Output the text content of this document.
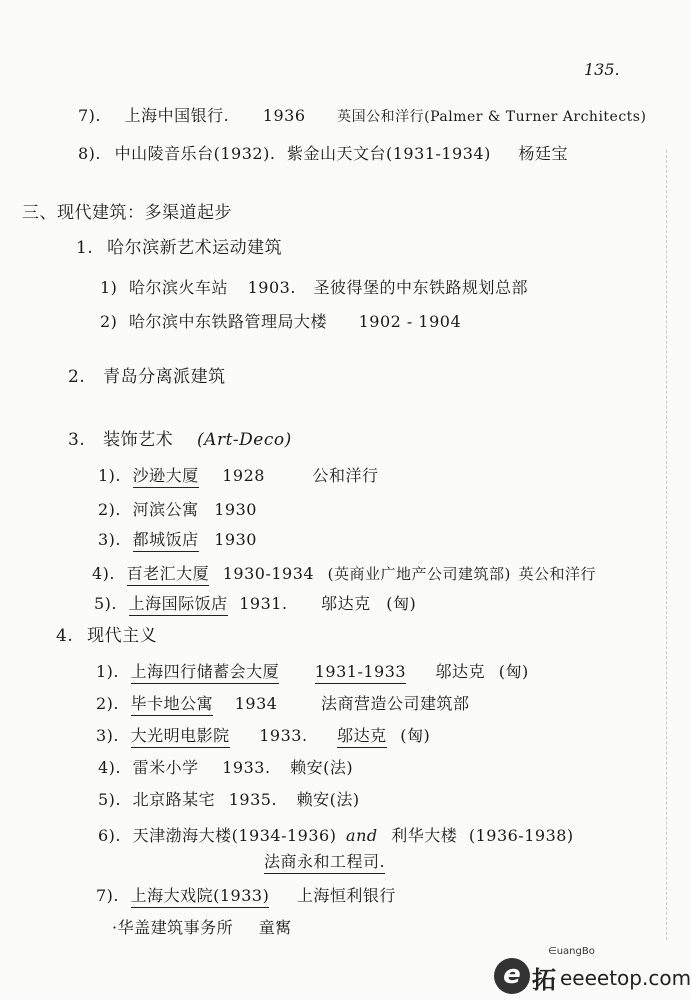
135.
7). 上海中国银行. 1936 英国公和洋行(Palmer & Turner Architects)
8). 中山陵音乐台(1932). 紫金山天文台(1931-1934) 杨廷宝
三、现代建筑：多渠道起步
1. 哈尔滨新艺术运动建筑
1) 哈尔滨火车站 1903. 圣彼得堡的中东铁路规划总部
2) 哈尔滨中东铁路管理局大楼 1902 - 1904
2. 青岛分离派建筑
3. 装饰艺术 (Art-Deco)
1). 沙逊大厦 1928	公和洋行
2). 河滨公寓 1930
3). 都城饭店 1930
4). 百老汇大厦 1930-1934 (英商业广地产公司建筑部) 英公和洋行
5). 上海国际饭店 1931. 邬达克 (匈)
4. 现代主义
1). 上海四行储蓄会大厦 1931-1933 邬达克 (匈)
2). 毕卡地公寓 1934	法商营造公司建筑部
3). 大光明电影院 1933. 邬达克 (匈)
4). 雷米小学 1933. 赖安(法)
5). 北京路某宅 1935. 赖安(法)
6). 天津渤海大楼(1934-1936) and 利华大楼 (1936-1938)
法商永和工程司.
7). 上海大戏院(1933) 上海恒利银行
·华盖建筑事务所 童寯
∈uangBo
e 拓 eeeetop.com
